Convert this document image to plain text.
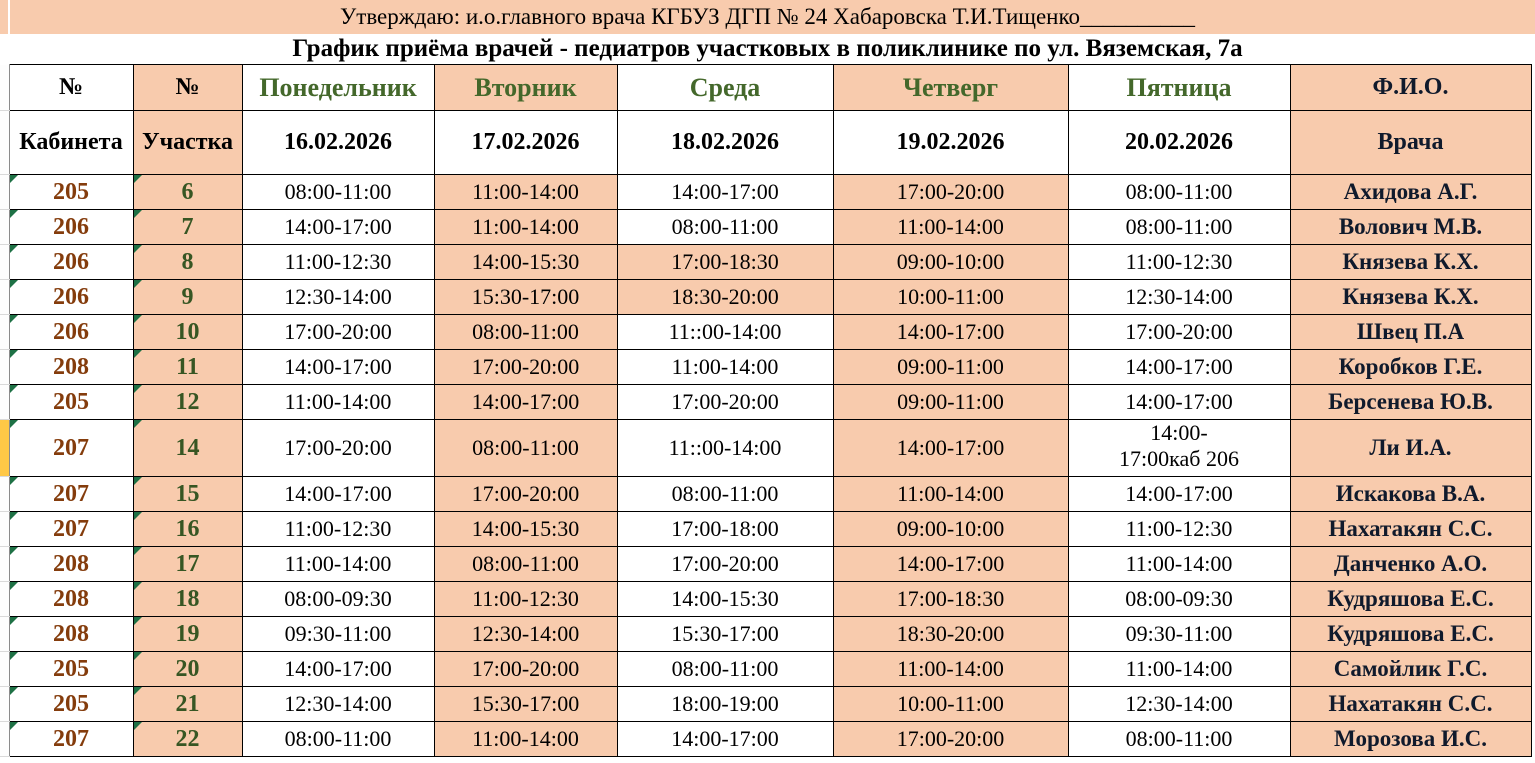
Утверждаю: и.о.главного врача КГБУЗ ДГП № 24 Хабаровска Т.И.Тищенко__________
График приёма врачей - педиатров участковых в поликлинике по ул. Вяземская, 7а
	№	№	Понедельник	Вторник	Среда	Четверг	Пятница	Ф.И.О.
	Кабинета	Участка	16.02.2026	17.02.2026	18.02.2026	19.02.2026	20.02.2026	Врача
	205	6	08:00-11:00	11:00-14:00	14:00-17:00	17:00-20:00	08:00-11:00	Ахидова А.Г.
	206	7	14:00-17:00	11:00-14:00	08:00-11:00	11:00-14:00	08:00-11:00	Волович М.В.
	206	8	11:00-12:30	14:00-15:30	17:00-18:30	09:00-10:00	11:00-12:30	Князева К.Х.
	206	9	12:30-14:00	15:30-17:00	18:30-20:00	10:00-11:00	12:30-14:00	Князева К.Х.
	206	10	17:00-20:00	08:00-11:00	11::00-14:00	14:00-17:00	17:00-20:00	Швец П.А
	208	11	14:00-17:00	17:00-20:00	11:00-14:00	09:00-11:00	14:00-17:00	Коробков Г.Е.
	205	12	11:00-14:00	14:00-17:00	17:00-20:00	09:00-11:00	14:00-17:00	Берсенева Ю.В.
	207	14	17:00-20:00	08:00-11:00	11::00-14:00	14:00-17:00	14:00-17:00каб 206	Ли И.А.
	207	15	14:00-17:00	17:00-20:00	08:00-11:00	11:00-14:00	14:00-17:00	Искакова В.А.
	207	16	11:00-12:30	14:00-15:30	17:00-18:00	09:00-10:00	11:00-12:30	Нахатакян С.С.
	208	17	11:00-14:00	08:00-11:00	17:00-20:00	14:00-17:00	11:00-14:00	Данченко А.О.
	208	18	08:00-09:30	11:00-12:30	14:00-15:30	17:00-18:30	08:00-09:30	Кудряшова Е.С.
	208	19	09:30-11:00	12:30-14:00	15:30-17:00	18:30-20:00	09:30-11:00	Кудряшова Е.С.
	205	20	14:00-17:00	17:00-20:00	08:00-11:00	11:00-14:00	11:00-14:00	Самойлик Г.С.
	205	21	12:30-14:00	15:30-17:00	18:00-19:00	10:00-11:00	12:30-14:00	Нахатакян С.С.
	207	22	08:00-11:00	11:00-14:00	14:00-17:00	17:00-20:00	08:00-11:00	Морозова И.С.
